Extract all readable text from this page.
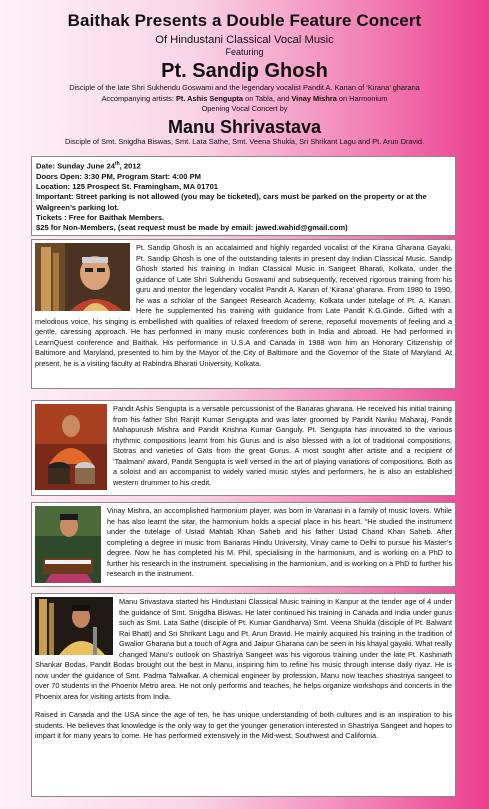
Baithak Presents a Double Feature Concert
Of Hindustani Classical Vocal Music
Featuring
Pt. Sandip Ghosh
Disciple of the late Shri Sukhendu Goswami and the legendary vocalist Pandit A. Kanan of ‘Kirana’ gharana
Accompanying artists: Pt. Ashis Sengupta on Tabla, and Vinay Mishra on Harmonium
Opening Vocal Concert by
Manu Shrivastava
Disciple of Smt. Snigdha Biswas, Smt. Lata Sathe, Smt. Veena Shukla, Sri Shrikant Lagu and Pt. Arun Dravid.
Date: Sunday June 24th, 2012
Doors Open: 3:30 PM, Program Start: 4:00 PM
Location: 125 Prospect St. Framingham, MA 01701
Important: Street parking is not allowed (you may be ticketed), cars must be parked on the property or at the Walgreen’s parking lot.
Tickets : Free for Baithak Members.
$25 for Non-Members, (seat request must be made by email: jawed.wahid@gmail.com)
Pt. Sandip Ghosh is an accalaimed and highly regarded vocalist of the Kirana Gharana Gayaki, Pt. Sandip Ghosh is one of the outstanding talents in present day Indian Classical Music. Sandip Ghosh started his training in Indian Classical Music in Sangeet Bharati, Kolkata, under the guidance of Late Shri Sukhendu Goswami and subsequently, received rigorous training from his guru and mentor the legendary vocalist Pandit A. Kanan of ‘Kirana’ gharana. From 1980 to 1990, he was a scholar of the Sangeet Research Academy, Kolkata under tutelage of Pt. A. Kanan. Here he supplemented his training with guidance from Late Pandit K.G.Ginde. Gifted with a melodious voice, his singing is embellished with qualities of relaxed freedom of serene, reposeful movements of feeling and a gentle, caressing approach. He has performed in many music conferences both in India and abroad. He had performed in LearnQuest conference and Baithak. His performance in U.S.A and Canada in 1988 won him an Honorary Citizenship of Baltimore and Maryland, presented to him by the Mayor of the City of Baltimore and the Governor of the State of Maryland. At present, he is a visiting faculty at Rabindra Bharati University, Kolkata.
Pandit Ashis Sengupta is a versatile percussionist of the Banaras gharana. He received his initial training from his father Shri Ranjit Kumar Sengupta and was later groomed by Pandit Nanku Maharaj, Pandit Mahapurush Mishra and Pandit Krishna Kumar Ganguly. Pt. Sengupta has innovated to the various rhythmic compositions learnt from his Gurus and is also blessed with a lot of traditional compositions, Stotras and varieties of Gats from the great Gurus. A most sought after artiste and a recipient of ‘Taalmani’ award, Pandit Sengupta is well versed in the art of playing variations of compositions. Both as a soloist and an accompanist to widely varied music styles and performers, he is also an established western drummer to his credit.
Vinay Mishra, an accomplished harmonium player, was born in Varanasi in a family of music lovers. While he has also learnt the sitar, the harmonium holds a special place in his heart. “He studied the instrument under the tutelage of Ustad Mahtab Khan Saheb and his father Ustad Chand Khan Saheb. After completing a degree in music from Banaras Hindu University, Vinay came to Delhi to pursue his Master’s degree. Now he has completed his M. Phil, specialising in the harmonium, and is working on a PhD to further his research in the instrument. specialising in the harmonium, and is working on a PhD to further his research in the instrument.
Manu Srivastava started his Hindustani Classical Music training in Kanpur at the tender age of 4 under the guidance of Smt. Snigdha Biswas. He later continued his training in Canada and India under gurus such as Smt. Lata Sathe (disciple of Pt. Kumar Gandharva) Smt. Veena Shukla (disciple of Pt. Balwant Rai Bhatt) and Sri Shrikant Lagu and Pt. Arun Dravid. He mainly acquired his training in the tradition of Gwalior Gharana but a touch of Agra and Jaipur Gharana can be seen in his khayal gayaki. What really changed Manu’s outlook on Shastriya Sangeet was his vigorous training under the late Pt. Kashinath Shankar Bodas. Pandit Bodas brought out the best in Manu, inspiring him to refine his music through intense daily riyaz. He is now under the guidance of Smt. Padma Talwalkar. A chemical engineer by profession, Manu now teaches shastriya sangeet to over 70 students in the Phoenix Metro area. He not only performs and teaches, he helps organize workshops and concerts in the Phoenix area for visiting artists from India.
Raised in Canada and the USA since the age of ten, he has unique understanding of both cultures and is an inspiration to his students. He believes that knowledge is the only way to get the younger generation interested in Shastriya Sangeet and hopes to impart it for many years to come. He has performed extensively in the Mid-west, Southwest and California.
